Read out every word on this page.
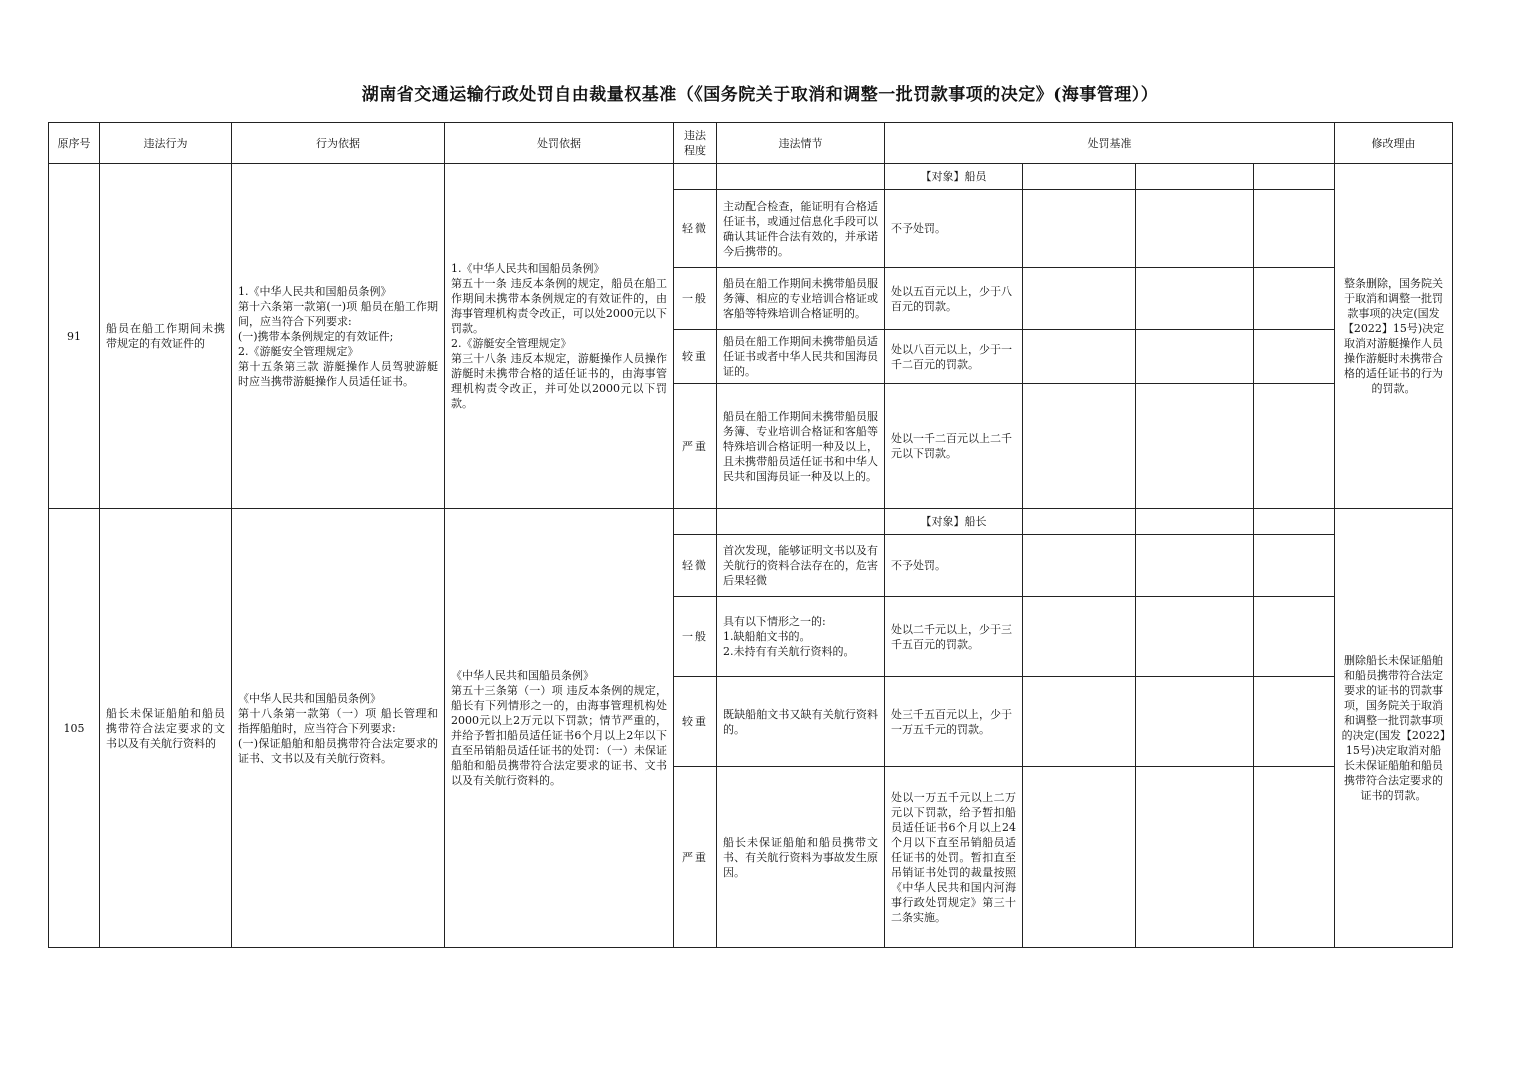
湖南省交通运输行政处罚自由裁量权基准（《国务院关于取消和调整一批罚款事项的决定》(海事管理））
原序号	违法行为	行为依据	处罚依据	违法程度	违法情节	处罚基准				修改理由
91	船员在船工作期间未携带规定的有效证件的	1.《中华人民共和国船员条例》
第十六条第一款第(一)项 船员在船工作期间，应当符合下列要求:
(一)携带本条例规定的有效证件;
2.《游艇安全管理规定》
第十五条第三款 游艇操作人员驾驶游艇时应当携带游艇操作人员适任证书。	1.《中华人民共和国船员条例》
第五十一条 违反本条例的规定，船员在船工作期间未携带本条例规定的有效证件的，由海事管理机构责令改正，可以处2000元以下罚款。
2.《游艇安全管理规定》
第三十八条 违反本规定，游艇操作人员操作游艇时未携带合格的适任证书的，由海事管理机构责令改正，并可处以2000元以下罚款。			【对象】船员				整条删除，国务院关于取消和调整一批罚款事项的决定(国发【2022】15号)决定取消对游艇操作人员操作游艇时未携带合格的适任证书的行为的罚款。
				轻微	主动配合检查，能证明有合格适任证书，或通过信息化手段可以确认其证件合法有效的，并承诺今后携带的。	不予处罚。				
				一般	船员在船工作期间未携带船员服务簿、相应的专业培训合格证或客船等特殊培训合格证明的。	处以五百元以上，少于八百元的罚款。				
				较重	船员在船工作期间未携带船员适任证书或者中华人民共和国海员证的。	处以八百元以上，少于一千二百元的罚款。				
				严重	船员在船工作期间未携带船员服务簿、专业培训合格证和客船等特殊培训合格证明一种及以上，且未携带船员适任证书和中华人民共和国海员证一种及以上的。	处以一千二百元以上二千元以下罚款。				
105	船长未保证船舶和船员携带符合法定要求的文书以及有关航行资料的	《中华人民共和国船员条例》
第十八条第一款第（一）项 船长管理和指挥船舶时，应当符合下列要求:
(一)保证船舶和船员携带符合法定要求的证书、文书以及有关航行资料。	《中华人民共和国船员条例》
第五十三条第（一）项 违反本条例的规定，船长有下列情形之一的，由海事管理机构处2000元以上2万元以下罚款；情节严重的，并给予暂扣船员适任证书6个月以上2年以下直至吊销船员适任证书的处罚：（一）未保证船舶和船员携带符合法定要求的证书、文书以及有关航行资料的。			【对象】船长				删除船长未保证船舶和船员携带符合法定要求的证书的罚款事项，国务院关于取消和调整一批罚款事项的决定(国发【2022】15号)决定取消对船长未保证船舶和船员携带符合法定要求的证书的罚款。
				轻微	首次发现，能够证明文书以及有关航行的资料合法存在的，危害后果轻微	不予处罚。				
				一般	具有以下情形之一的:
1.缺船舶文书的。
2.未持有有关航行资料的。	处以二千元以上，少于三千五百元的罚款。				
				较重	既缺船舶文书又缺有关航行资料的。	处三千五百元以上，少于一万五千元的罚款。				
				严重	船长未保证船舶和船员携带文书、有关航行资料为事故发生原因。	处以一万五千元以上二万元以下罚款，给予暂扣船员适任证书6个月以上24个月以下直至吊销船员适任证书的处罚。暂扣直至吊销证书处罚的裁量按照《中华人民共和国内河海事行政处罚规定》第三十二条实施。				
